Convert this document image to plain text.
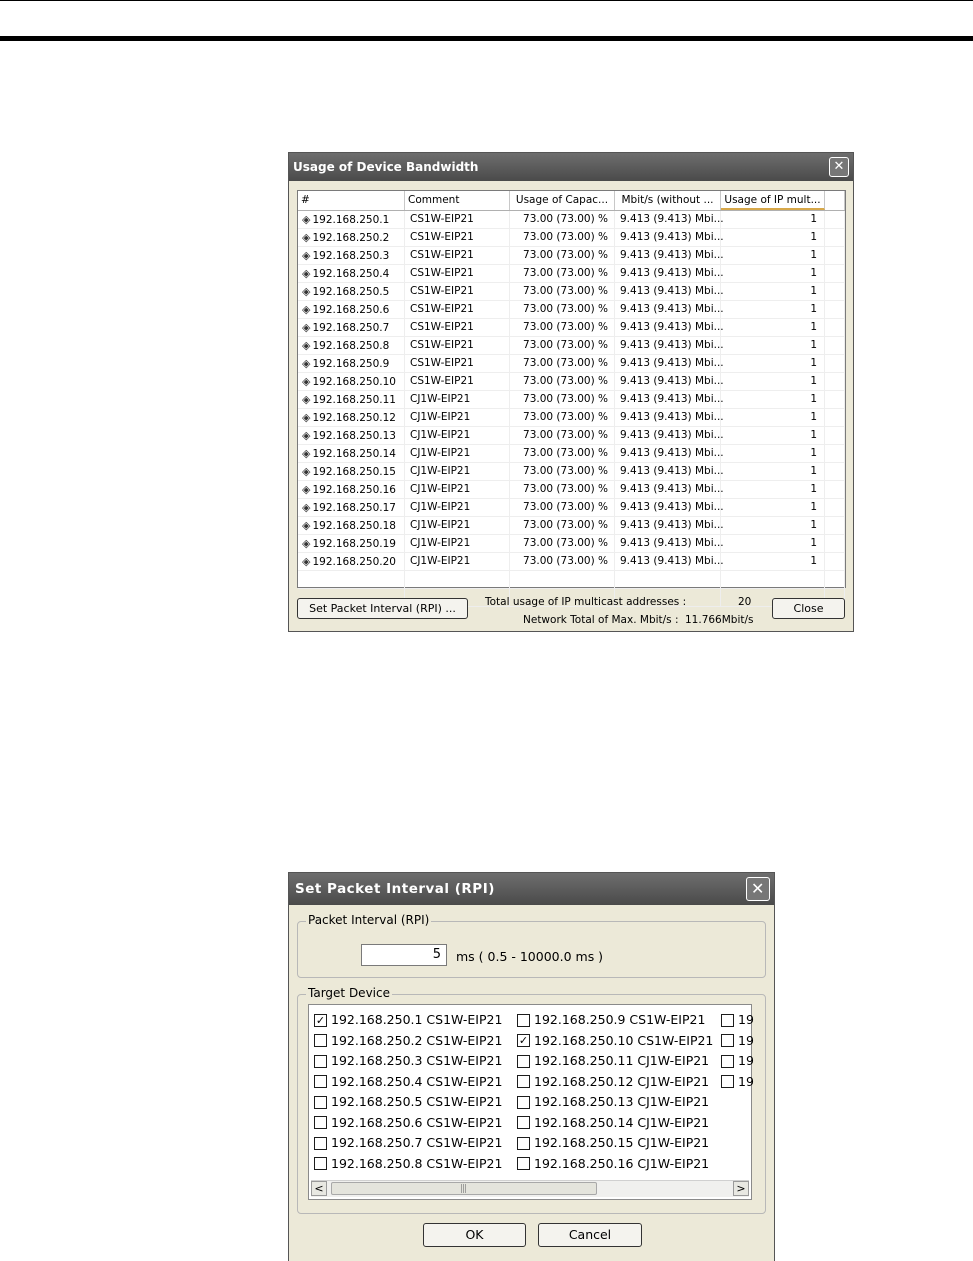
Usage of Device Bandwidth	✕
#	Comment	Usage of Capac...	Mbit/s (without ...	Usage of IP mult...
◈ 192.168.250.1	CS1W-EIP21	73.00 (73.00) %	9.413 (9.413) Mbi...	1
◈ 192.168.250.2	CS1W-EIP21	73.00 (73.00) %	9.413 (9.413) Mbi...	1
◈ 192.168.250.3	CS1W-EIP21	73.00 (73.00) %	9.413 (9.413) Mbi...	1
◈ 192.168.250.4	CS1W-EIP21	73.00 (73.00) %	9.413 (9.413) Mbi...	1
◈ 192.168.250.5	CS1W-EIP21	73.00 (73.00) %	9.413 (9.413) Mbi...	1
◈ 192.168.250.6	CS1W-EIP21	73.00 (73.00) %	9.413 (9.413) Mbi...	1
◈ 192.168.250.7	CS1W-EIP21	73.00 (73.00) %	9.413 (9.413) Mbi...	1
◈ 192.168.250.8	CS1W-EIP21	73.00 (73.00) %	9.413 (9.413) Mbi...	1
◈ 192.168.250.9	CS1W-EIP21	73.00 (73.00) %	9.413 (9.413) Mbi...	1
◈ 192.168.250.10	CS1W-EIP21	73.00 (73.00) %	9.413 (9.413) Mbi...	1
◈ 192.168.250.11	CJ1W-EIP21	73.00 (73.00) %	9.413 (9.413) Mbi...	1
◈ 192.168.250.12	CJ1W-EIP21	73.00 (73.00) %	9.413 (9.413) Mbi...	1
◈ 192.168.250.13	CJ1W-EIP21	73.00 (73.00) %	9.413 (9.413) Mbi...	1
◈ 192.168.250.14	CJ1W-EIP21	73.00 (73.00) %	9.413 (9.413) Mbi...	1
◈ 192.168.250.15	CJ1W-EIP21	73.00 (73.00) %	9.413 (9.413) Mbi...	1
◈ 192.168.250.16	CJ1W-EIP21	73.00 (73.00) %	9.413 (9.413) Mbi...	1
◈ 192.168.250.17	CJ1W-EIP21	73.00 (73.00) %	9.413 (9.413) Mbi...	1
◈ 192.168.250.18	CJ1W-EIP21	73.00 (73.00) %	9.413 (9.413) Mbi...	1
◈ 192.168.250.19	CJ1W-EIP21	73.00 (73.00) %	9.413 (9.413) Mbi...	1
◈ 192.168.250.20	CJ1W-EIP21	73.00 (73.00) %	9.413 (9.413) Mbi...	1
Set Packet Interval (RPI) ...	Total usage of IP multicast addresses :	20
Network Total of Max. Mbit/s : 11.766Mbit/s
Close
Set Packet Interval (RPI)	✕
Packet Interval (RPI)
5	ms ( 0.5 - 10000.0 ms )
Target Device
<	|||	>
✓ 192.168.250.1 CS1W-EIP21
192.168.250.2 CS1W-EIP21
192.168.250.3 CS1W-EIP21
192.168.250.4 CS1W-EIP21
192.168.250.5 CS1W-EIP21
192.168.250.6 CS1W-EIP21
192.168.250.7 CS1W-EIP21
192.168.250.8 CS1W-EIP21
192.168.250.9 CS1W-EIP21
✓ 192.168.250.10 CS1W-EIP21
192.168.250.11 CJ1W-EIP21
192.168.250.12 CJ1W-EIP21
192.168.250.13 CJ1W-EIP21
192.168.250.14 CJ1W-EIP21
192.168.250.15 CJ1W-EIP21
192.168.250.16 CJ1W-EIP21
19
19
19
19
OK	Cancel
